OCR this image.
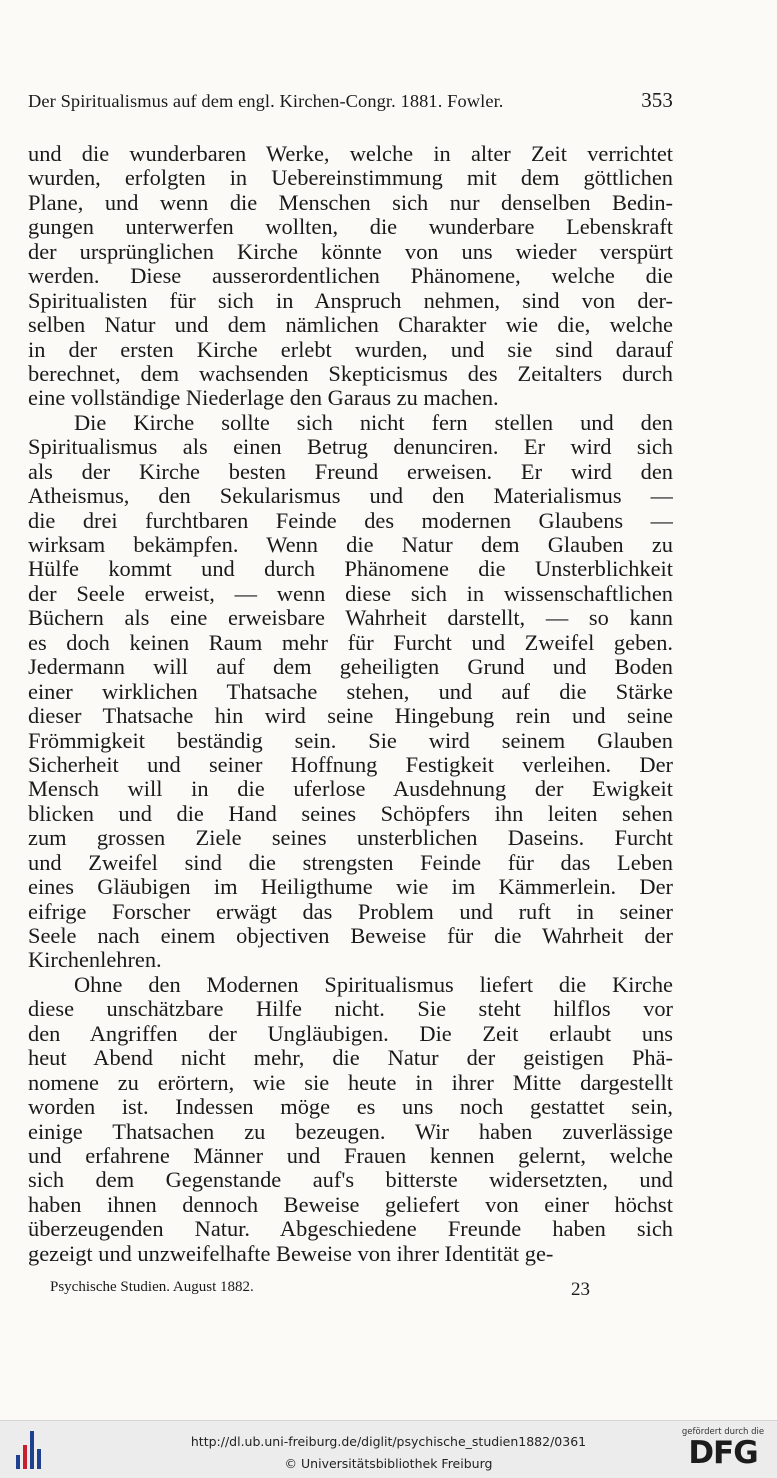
Der Spiritualismus auf dem engl. Kirchen-Congr. 1881. Fowler.	353
und die wunderbaren Werke, welche in alter Zeit verrichtet
wurden, erfolgten in Uebereinstimmung mit dem göttlichen
Plane, und wenn die Menschen sich nur denselben Bedin-
gungen unterwerfen wollten, die wunderbare Lebenskraft
der ursprünglichen Kirche könnte von uns wieder verspürt
werden. Diese ausserordentlichen Phänomene, welche die
Spiritualisten für sich in Anspruch nehmen, sind von der-
selben Natur und dem nämlichen Charakter wie die, welche
in der ersten Kirche erlebt wurden, und sie sind darauf
berechnet, dem wachsenden Skepticismus des Zeitalters durch
eine vollständige Niederlage den Garaus zu machen.
Die Kirche sollte sich nicht fern stellen und den
Spiritualismus als einen Betrug denunciren. Er wird sich
als der Kirche besten Freund erweisen. Er wird den
Atheismus, den Sekularismus und den Materialismus —
die drei furchtbaren Feinde des modernen Glaubens —
wirksam bekämpfen. Wenn die Natur dem Glauben zu
Hülfe kommt und durch Phänomene die Unsterblichkeit
der Seele erweist, — wenn diese sich in wissenschaftlichen
Büchern als eine erweisbare Wahrheit darstellt, — so kann
es doch keinen Raum mehr für Furcht und Zweifel geben.
Jedermann will auf dem geheiligten Grund und Boden
einer wirklichen Thatsache stehen, und auf die Stärke
dieser Thatsache hin wird seine Hingebung rein und seine
Frömmigkeit beständig sein. Sie wird seinem Glauben
Sicherheit und seiner Hoffnung Festigkeit verleihen. Der
Mensch will in die uferlose Ausdehnung der Ewigkeit
blicken und die Hand seines Schöpfers ihn leiten sehen
zum grossen Ziele seines unsterblichen Daseins. Furcht
und Zweifel sind die strengsten Feinde für das Leben
eines Gläubigen im Heiligthume wie im Kämmerlein. Der
eifrige Forscher erwägt das Problem und ruft in seiner
Seele nach einem objectiven Beweise für die Wahrheit der
Kirchenlehren.
Ohne den Modernen Spiritualismus liefert die Kirche
diese unschätzbare Hilfe nicht. Sie steht hilflos vor
den Angriffen der Ungläubigen. Die Zeit erlaubt uns
heut Abend nicht mehr, die Natur der geistigen Phä-
nomene zu erörtern, wie sie heute in ihrer Mitte dargestellt
worden ist. Indessen möge es uns noch gestattet sein,
einige Thatsachen zu bezeugen. Wir haben zuverlässige
und erfahrene Männer und Frauen kennen gelernt, welche
sich dem Gegenstande auf's bitterste widersetzten, und
haben ihnen dennoch Beweise geliefert von einer höchst
überzeugenden Natur. Abgeschiedene Freunde haben sich
gezeigt und unzweifelhafte Beweise von ihrer Identität ge-
Psychische Studien. August 1882.	23
http://dl.ub.uni-freiburg.de/diglit/psychische_studien1882/0361
© Universitätsbibliothek Freiburg
gefördert durch die
DFG
